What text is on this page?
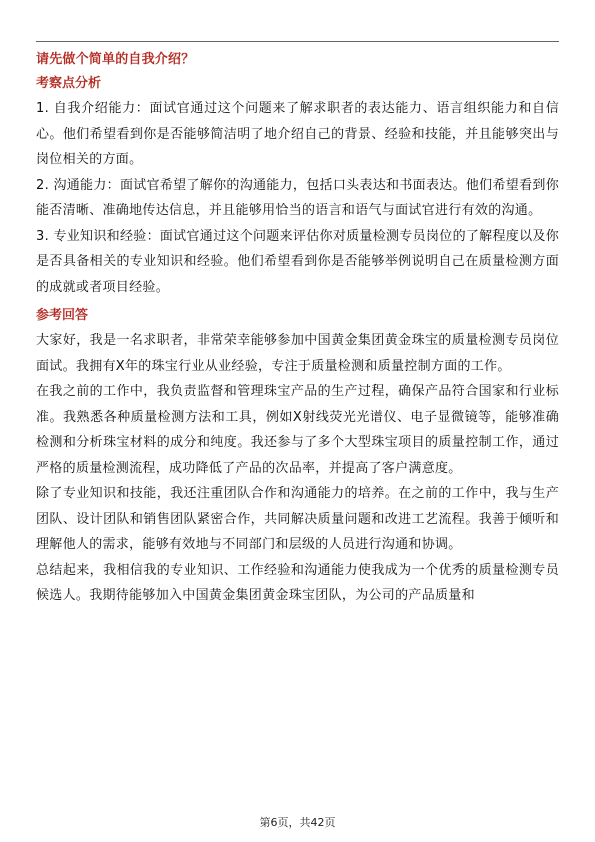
请先做个简单的自我介绍？

考察点分析

1. 自我介绍能力：面试官通过这个问题来了解求职者的表达能力、语言组织能力和自信心。他们希望看到你是否能够简洁明了地介绍自己的背景、经验和技能，并且能够突出与岗位相关的方面。

2. 沟通能力：面试官希望了解你的沟通能力，包括口头表达和书面表达。他们希望看到你能否清晰、准确地传达信息，并且能够用恰当的语言和语气与面试官进行有效的沟通。

3. 专业知识和经验：面试官通过这个问题来评估你对质量检测专员岗位的了解程度以及你是否具备相关的专业知识和经验。他们希望看到你是否能够举例说明自己在质量检测方面的成就或者项目经验。

参考回答

大家好，我是一名求职者，非常荣幸能够参加中国黄金集团黄金珠宝的质量检测专员岗位面试。我拥有X年的珠宝行业从业经验，专注于质量检测和质量控制方面的工作。

在我之前的工作中，我负责监督和管理珠宝产品的生产过程，确保产品符合国家和行业标准。我熟悉各种质量检测方法和工具，例如X射线荧光光谱仪、电子显微镜等，能够准确检测和分析珠宝材料的成分和纯度。我还参与了多个大型珠宝项目的质量控制工作，通过严格的质量检测流程，成功降低了产品的次品率，并提高了客户满意度。

除了专业知识和技能，我还注重团队合作和沟通能力的培养。在之前的工作中，我与生产团队、设计团队和销售团队紧密合作，共同解决质量问题和改进工艺流程。我善于倾听和理解他人的需求，能够有效地与不同部门和层级的人员进行沟通和协调。

总结起来，我相信我的专业知识、工作经验和沟通能力使我成为一个优秀的质量检测专员候选人。我期待能够加入中国黄金集团黄金珠宝团队，为公司的产品质量和

第6页，共42页
